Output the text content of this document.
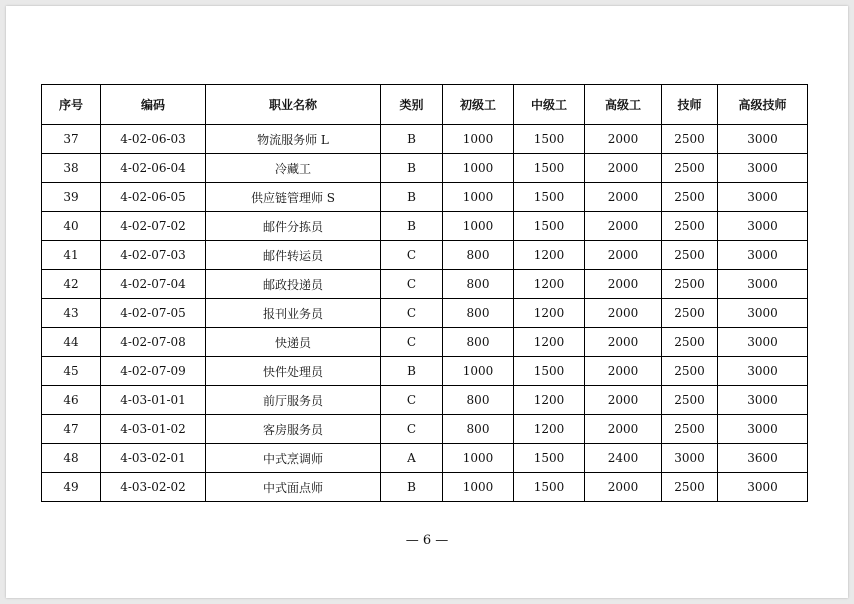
序号	编码	职业名称	类别	初级工	中级工	高级工	技师	高级技师
37	4-02-06-03	物流服务师 L	B	1000	1500	2000	2500	3000
38	4-02-06-04	冷藏工	B	1000	1500	2000	2500	3000
39	4-02-06-05	供应链管理师 S	B	1000	1500	2000	2500	3000
40	4-02-07-02	邮件分拣员	B	1000	1500	2000	2500	3000
41	4-02-07-03	邮件转运员	C	800	1200	2000	2500	3000
42	4-02-07-04	邮政投递员	C	800	1200	2000	2500	3000
43	4-02-07-05	报刊业务员	C	800	1200	2000	2500	3000
44	4-02-07-08	快递员	C	800	1200	2000	2500	3000
45	4-02-07-09	快件处理员	B	1000	1500	2000	2500	3000
46	4-03-01-01	前厅服务员	C	800	1200	2000	2500	3000
47	4-03-01-02	客房服务员	C	800	1200	2000	2500	3000
48	4-03-02-01	中式烹调师	A	1000	1500	2400	3000	3600
49	4-03-02-02	中式面点师	B	1000	1500	2000	2500	3000
— 6 —
